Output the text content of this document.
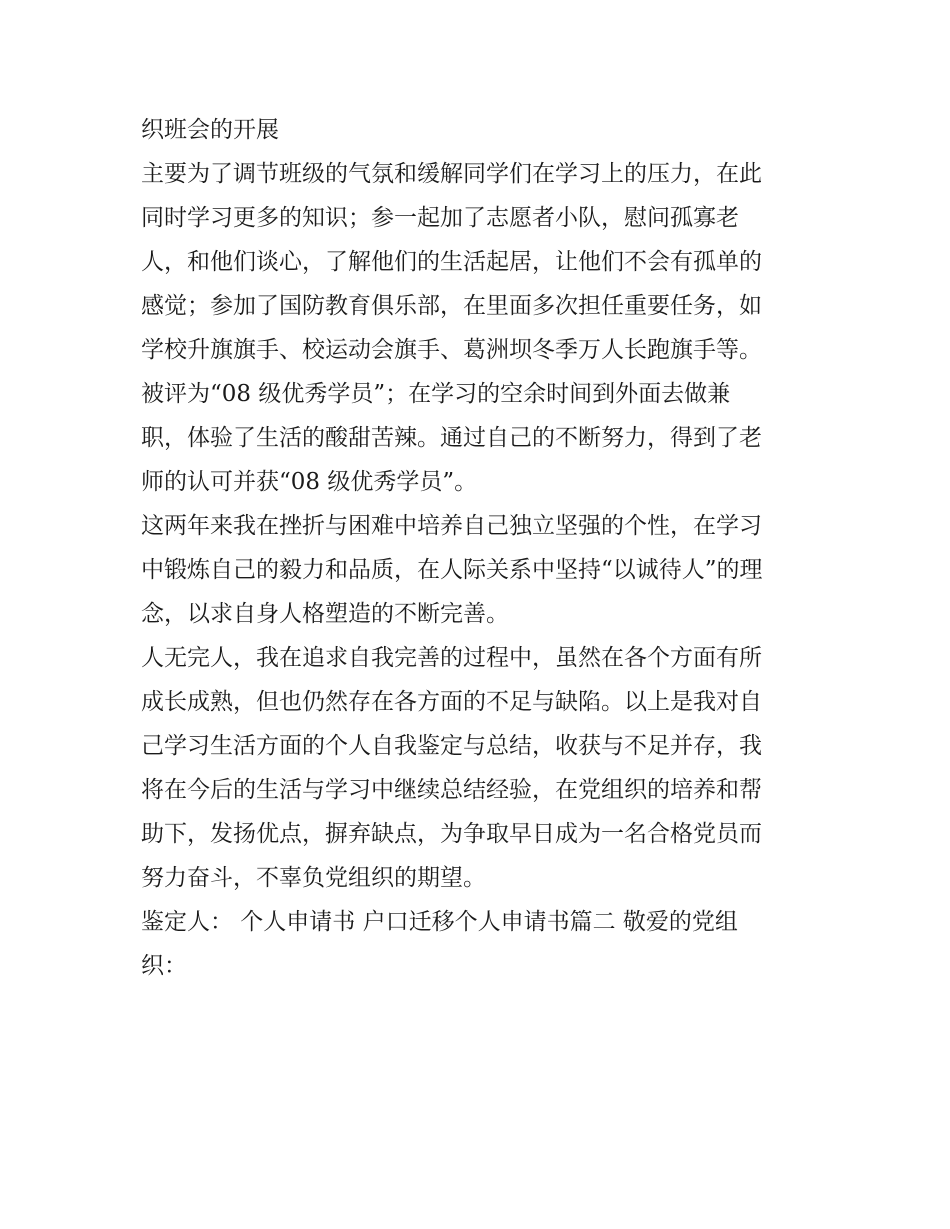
织班会的开展
主要为了调节班级的气氛和缓解同学们在学习上的压力，在此
同时学习更多的知识；参一起加了志愿者小队，慰问孤寡老
人，和他们谈心，了解他们的生活起居，让他们不会有孤单的
感觉；参加了国防教育俱乐部，在里面多次担任重要任务，如
学校升旗旗手、校运动会旗手、葛洲坝冬季万人长跑旗手等。
被评为“08 级优秀学员”；在学习的空余时间到外面去做兼
职，体验了生活的酸甜苦辣。通过自己的不断努力，得到了老
师的认可并获“08 级优秀学员”。
这两年来我在挫折与困难中培养自己独立坚强的个性，在学习
中锻炼自己的毅力和品质，在人际关系中坚持“以诚待人”的理
念，以求自身人格塑造的不断完善。
人无完人，我在追求自我完善的过程中，虽然在各个方面有所
成长成熟，但也仍然存在各方面的不足与缺陷。以上是我对自
己学习生活方面的个人自我鉴定与总结，收获与不足并存，我
将在今后的生活与学习中继续总结经验，在党组织的培养和帮
助下，发扬优点，摒弃缺点，为争取早日成为一名合格党员而
努力奋斗，不辜负党组织的期望。
鉴定人： 个人申请书 户口迁移个人申请书篇二 敬爱的党组
织：
